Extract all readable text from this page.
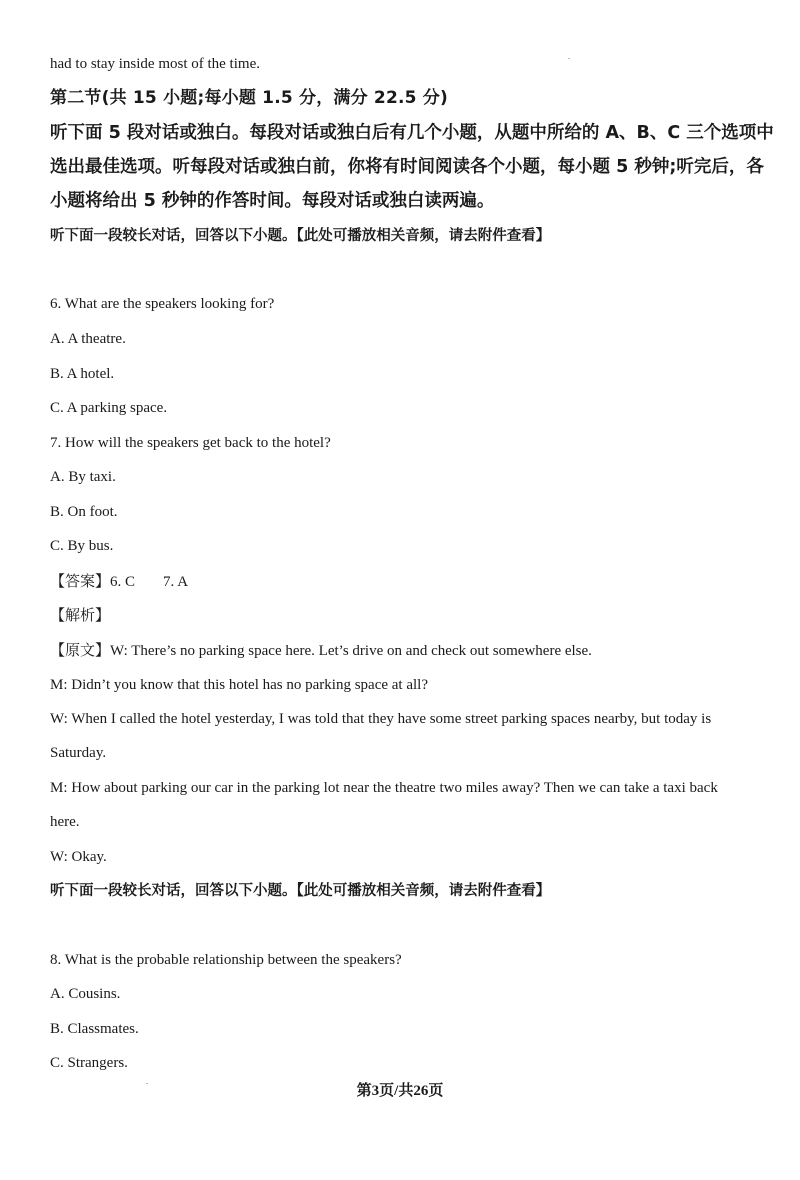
had to stay inside most of the time.
第二节(共 15 小题;每小题 1.5 分，满分 22.5 分)
听下面 5 段对话或独白。每段对话或独白后有几个小题，从题中所给的 A、B、C 三个选项中
选出最佳选项。听每段对话或独白前，你将有时间阅读各个小题，每小题 5 秒钟;听完后，各
小题将给出 5 秒钟的作答时间。每段对话或独白读两遍。
听下面一段较长对话，回答以下小题。【此处可播放相关音频，请去附件查看】
6. What are the speakers looking for?
A. A theatre.
B. A hotel.
C. A parking space.
7. How will the speakers get back to the hotel?
A. By taxi.
B. On foot.
C. By bus.
【答案】6. C 7. A
【解析】
【原文】W: There’s no parking space here. Let’s drive on and check out somewhere else.
M: Didn’t you know that this hotel has no parking space at all?
W: When I called the hotel yesterday, I was told that they have some street parking spaces nearby, but today is
Saturday.
M: How about parking our car in the parking lot near the theatre two miles away? Then we can take a taxi back
here.
W: Okay.
听下面一段较长对话，回答以下小题。【此处可播放相关音频，请去附件查看】
8. What is the probable relationship between the speakers?
A. Cousins.
B. Classmates.
C. Strangers.
第3页/共26页
